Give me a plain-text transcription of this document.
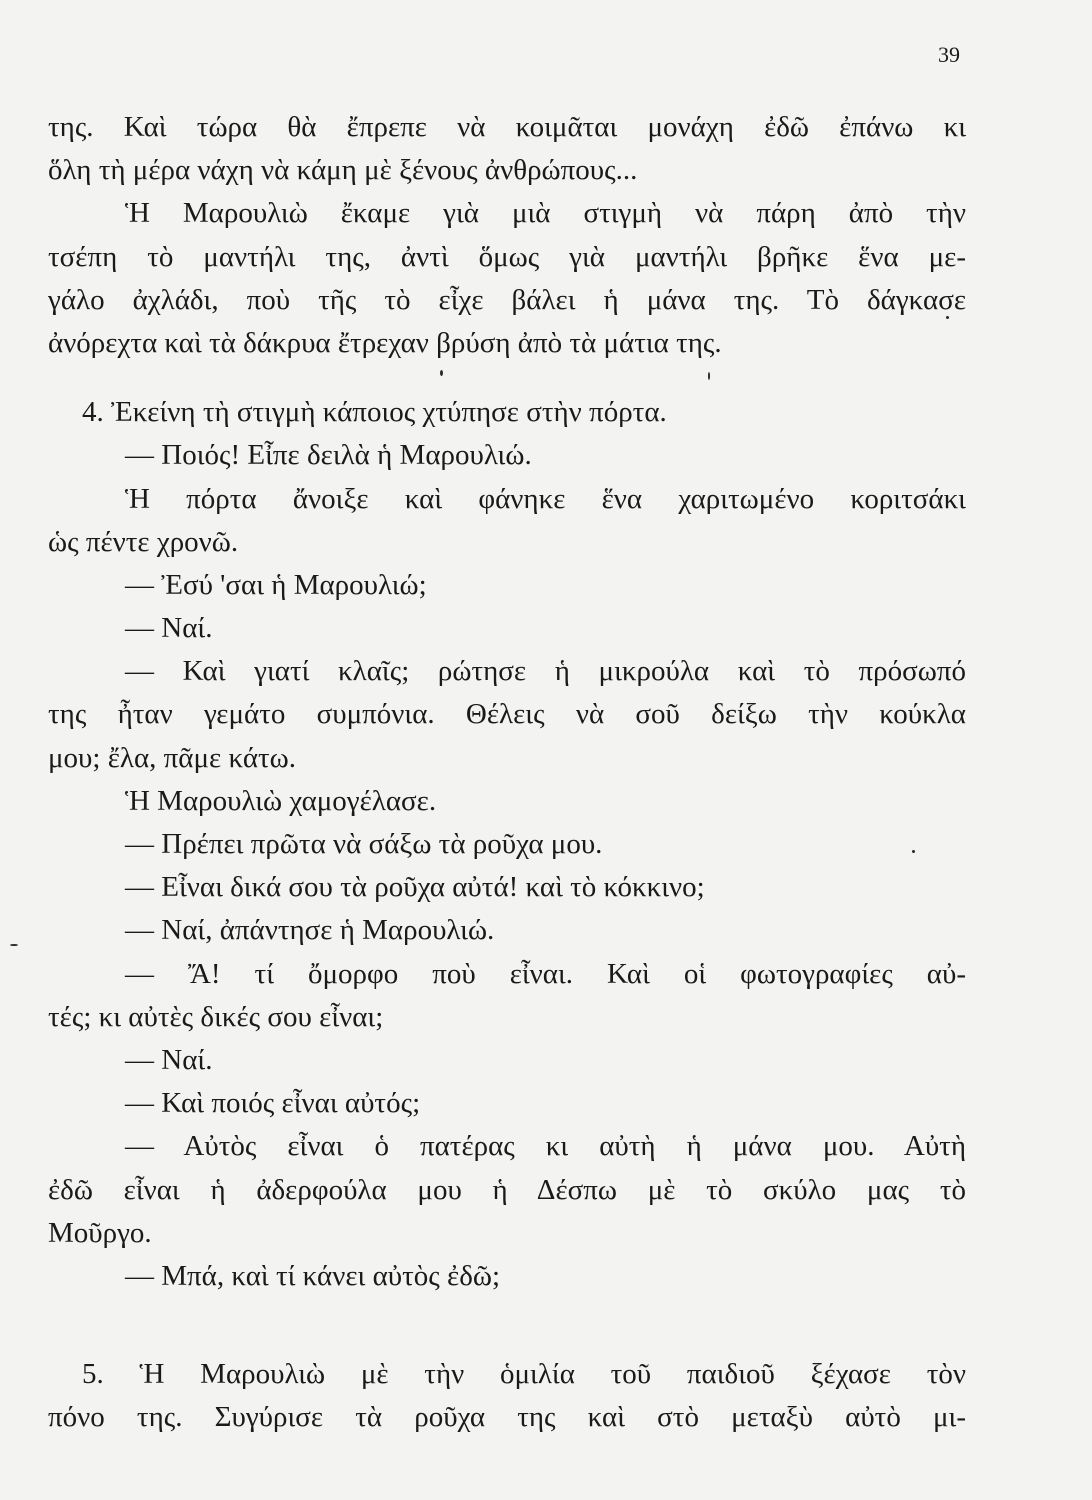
39
της. Καὶ τώρα θὰ ἔπρεπε νὰ κοιμᾶται μονάχη ἐδῶ ἐπάνω κι
ὅλη τὴ μέρα νάχη νὰ κάμη μὲ ξένους ἀνθρώπους...
Ἡ Μαρουλιὼ ἔκαμε γιὰ μιὰ στιγμὴ νὰ πάρη ἀπὸ τὴν
τσέπη τὸ μαντήλι της, ἀντὶ ὅμως γιὰ μαντήλι βρῆκε ἕνα με-
γάλο ἀχλάδι, ποὺ τῆς τὸ εἶχε βάλει ἡ μάνα της. Τὸ δάγκασε
ἀνόρεχτα καὶ τὰ δάκρυα ἔτρεχαν βρύση ἀπὸ τὰ μάτια της.
4. Ἐκείνη τὴ στιγμὴ κάποιος χτύπησε στὴν πόρτα.
— Ποιός! Εἶπε δειλὰ ἡ Μαρουλιώ.
Ἡ πόρτα ἄνοιξε καὶ φάνηκε ἕνα χαριτωμένο κοριτσάκι
ὡς πέντε χρονῶ.
— Ἐσύ 'σαι ἡ Μαρουλιώ;
— Ναί.
— Καὶ γιατί κλαῖς; ρώτησε ἡ μικρούλα καὶ τὸ πρόσωπό
της ἦταν γεμάτο συμπόνια. Θέλεις νὰ σοῦ δείξω τὴν κούκλα
μου; ἔλα, πᾶμε κάτω.
Ἡ Μαρουλιὼ χαμογέλασε.
— Πρέπει πρῶτα νὰ σάξω τὰ ροῦχα μου.
— Εἶναι δικά σου τὰ ροῦχα αὐτά! καὶ τὸ κόκκινο;
— Ναί, ἀπάντησε ἡ Μαρουλιώ.
— Ἄ! τί ὄμορφο ποὺ εἶναι. Καὶ οἱ φωτογραφίες αὐ-
τές; κι αὐτὲς δικές σου εἶναι;
— Ναί.
— Καὶ ποιός εἶναι αὐτός;
— Αὐτὸς εἶναι ὁ πατέρας κι αὐτὴ ἡ μάνα μου. Αὐτὴ
ἐδῶ εἶναι ἡ ἀδερφούλα μου ἡ Δέσπω μὲ τὸ σκύλο μας τὸ
Μοῦργο.
— Μπά, καὶ τί κάνει αὐτὸς ἐδῶ;
5. Ἡ Μαρουλιὼ μὲ τὴν ὁμιλία τοῦ παιδιοῦ ξέχασε τὸν
πόνο της. Συγύρισε τὰ ροῦχα της καὶ στὸ μεταξὺ αὐτὸ μι-
